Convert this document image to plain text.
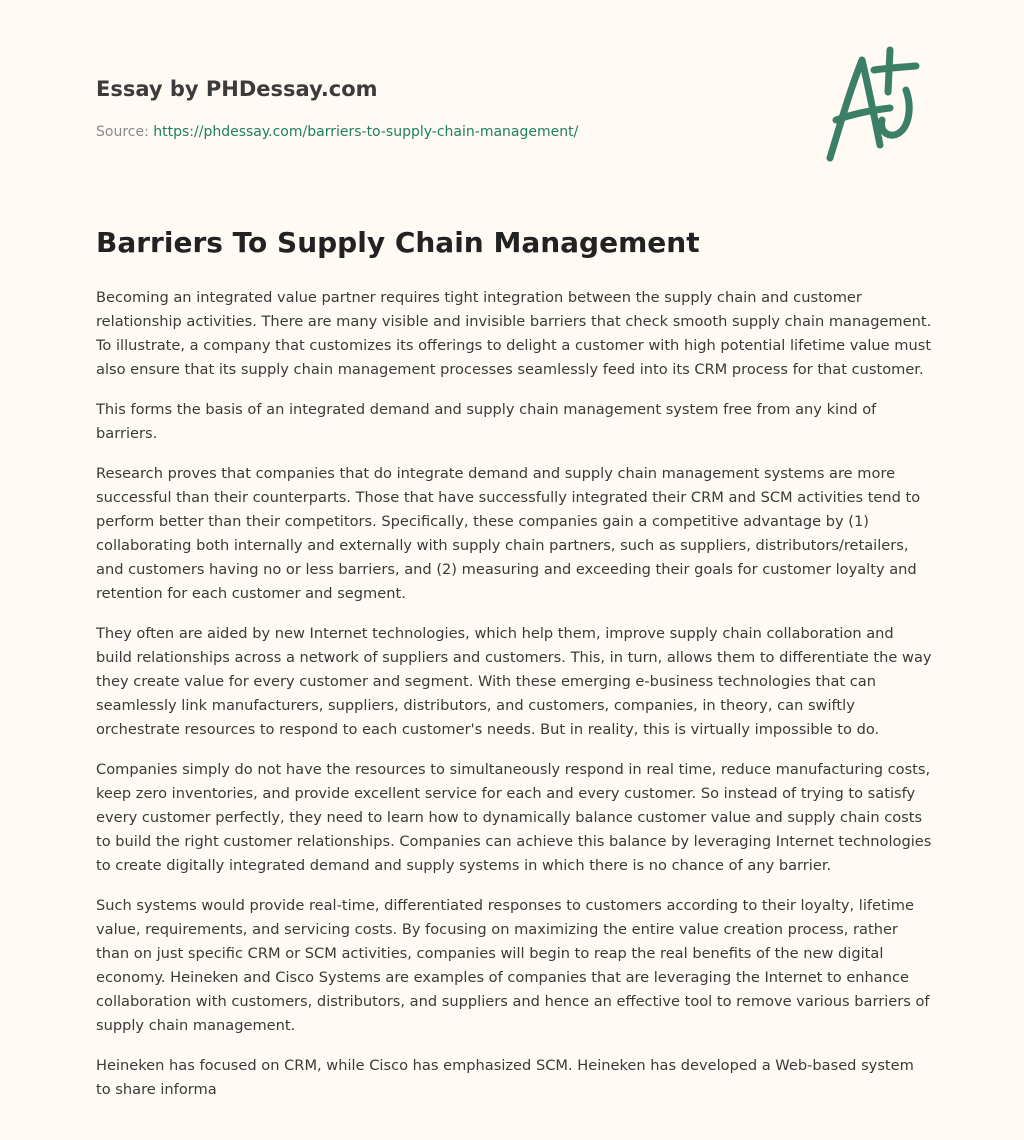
Essay by PHDessay.com
Source: https://phdessay.com/barriers-to-supply-chain-management/
Barriers To Supply Chain Management

Becoming an integrated value partner requires tight integration between the supply chain and customer relationship activities. There are many visible and invisible barriers that check smooth supply chain management. To illustrate, a company that customizes its offerings to delight a customer with high potential lifetime value must also ensure that its supply chain management processes seamlessly feed into its CRM process for that customer.

This forms the basis of an integrated demand and supply chain management system free from any kind of barriers.

Research proves that companies that do integrate demand and supply chain management systems are more successful than their counterparts. Those that have successfully integrated their CRM and SCM activities tend to perform better than their competitors. Specifically, these companies gain a competitive advantage by (1) collaborating both internally and externally with supply chain partners, such as suppliers, distributors/retailers, and customers having no or less barriers, and (2) measuring and exceeding their goals for customer loyalty and retention for each customer and segment.

They often are aided by new Internet technologies, which help them, improve supply chain collaboration and build relationships across a network of suppliers and customers. This, in turn, allows them to differentiate the way they create value for every customer and segment. With these emerging e-business technologies that can seamlessly link manufacturers, suppliers, distributors, and customers, companies, in theory, can swiftly orchestrate resources to respond to each customer's needs. But in reality, this is virtually impossible to do.

Companies simply do not have the resources to simultaneously respond in real time, reduce manufacturing costs, keep zero inventories, and provide excellent service for each and every customer. So instead of trying to satisfy every customer perfectly, they need to learn how to dynamically balance customer value and supply chain costs to build the right customer relationships. Companies can achieve this balance by leveraging Internet technologies to create digitally integrated demand and supply systems in which there is no chance of any barrier.

Such systems would provide real-time, differentiated responses to customers according to their loyalty, lifetime value, requirements, and servicing costs. By focusing on maximizing the entire value creation process, rather than on just specific CRM or SCM activities, companies will begin to reap the real benefits of the new digital economy. Heineken and Cisco Systems are examples of companies that are leveraging the Internet to enhance collaboration with customers, distributors, and suppliers and hence an effective tool to remove various barriers of supply chain management.

Heineken has focused on CRM, while Cisco has emphasized SCM. Heineken has developed a Web-based system to share informa
